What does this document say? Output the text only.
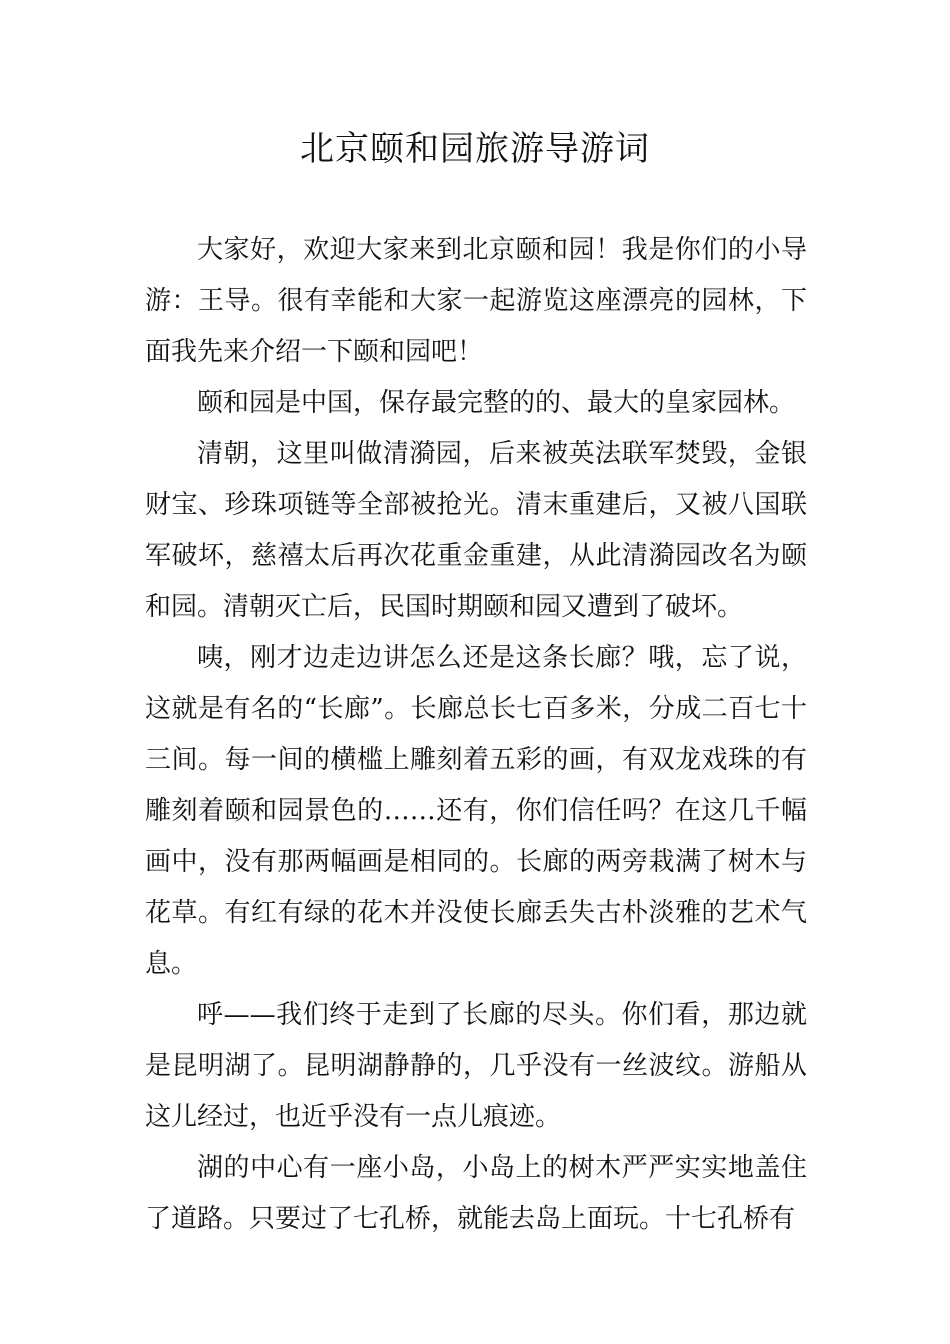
北京颐和园旅游导游词

大家好，欢迎大家来到北京颐和园！我是你们的小导游：王导。很有幸能和大家一起游览这座漂亮的园林，下面我先来介绍一下颐和园吧！

颐和园是中国，保存最完整的的、最大的皇家园林。

清朝，这里叫做清漪园，后来被英法联军焚毁，金银财宝、珍珠项链等全部被抢光。清末重建后，又被八国联军破坏，慈禧太后再次花重金重建，从此清漪园改名为颐和园。清朝灭亡后，民国时期颐和园又遭到了破坏。

咦，刚才边走边讲怎么还是这条长廊？哦，忘了说，这就是有名的“长廊”。长廊总长七百多米，分成二百七十三间。每一间的横槛上雕刻着五彩的画，有双龙戏珠的有雕刻着颐和园景色的……还有，你们信任吗？在这几千幅画中，没有那两幅画是相同的。长廊的两旁栽满了树木与花草。有红有绿的花木并没使长廊丢失古朴淡雅的艺术气息。

呼——我们终于走到了长廊的尽头。你们看，那边就是昆明湖了。昆明湖静静的，几乎没有一丝波纹。游船从这儿经过，也近乎没有一点儿痕迹。

湖的中心有一座小岛，小岛上的树木严严实实地盖住了道路。只要过了七孔桥，就能去岛上面玩。十七孔桥有
